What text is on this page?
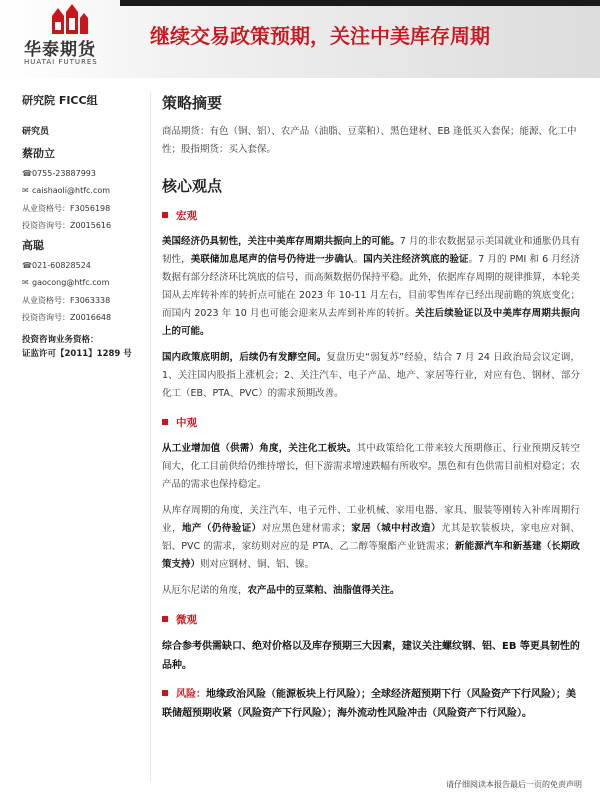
华泰期货
HUATAI FUTURES
继续交易政策预期，关注中美库存周期
研究院 FICC组
研究员
蔡劭立
☎0755-23887993
✉ caishaoli@htfc.com
从业资格号：F3056198
投资咨询号：Z0015616
高聪
☎021-60828524
✉ gaocong@htfc.com
从业资格号：F3063338
投资咨询号：Z0016648
投资咨询业务资格：
证监许可【2011】1289 号
策略摘要
商品期货：有色（铜、铝）、农产品（油脂、豆菜粕）、黑色建材、EB 逢低买入套保；能源、化工中性；股指期货：买入套保。
核心观点
宏观
美国经济仍具韧性，关注中美库存周期共振向上的可能。7 月的非农数据显示美国就业和通胀仍具有韧性，美联储加息尾声的信号仍待进一步确认。国内关注经济筑底的验证。7 月的 PMI 和 6 月经济数据有部分经济环比筑底的信号，而高频数据仍保持平稳。此外，依据库存周期的规律推算，本轮美国从去库转补库的转折点可能在 2023 年 10-11 月左右，目前零售库存已经出现前瞻的筑底变化；而国内 2023 年 10 月也可能会迎来从去库到补库的转折。关注后续验证以及中美库存周期共振向上的可能。
国内政策底明朗，后续仍有发酵空间。复盘历史“弱复苏”经验，结合 7 月 24 日政治局会议定调，1、关注国内股指上涨机会；2、关注汽车、电子产品、地产、家居等行业，对应有色、钢材、部分化工（EB、PTA、PVC）的需求预期改善。
中观
从工业增加值（供需）角度，关注化工板块。其中政策给化工带来较大预期修正、行业预期反转空间大，化工目前供给仍维持增长，但下游需求增速跌幅有所收窄。黑色和有色供需目前相对稳定；农产品的需求也保持稳定。
从库存周期的角度，关注汽车、电子元件、工业机械、家用电器、家具、服装等刚转入补库周期行业，地产（仍待验证）对应黑色建材需求；家居（城中村改造）尤其是软装板块，家电应对铜、铝、PVC 的需求，家纺则对应的是 PTA、乙二醇等聚酯产业链需求；新能源汽车和新基建（长期政策支持）则对应钢材、铜、铝、镍。
从厄尔尼诺的角度，农产品中的豆菜粕、油脂值得关注。
微观
综合参考供需缺口、绝对价格以及库存预期三大因素，建议关注螺纹钢、铝、EB 等更具韧性的品种。
风险：地缘政治风险（能源板块上行风险）；全球经济超预期下行（风险资产下行风险）；美联储超预期收紧（风险资产下行风险）；海外流动性风险冲击（风险资产下行风险）。
请仔细阅读本报告最后一页的免责声明
